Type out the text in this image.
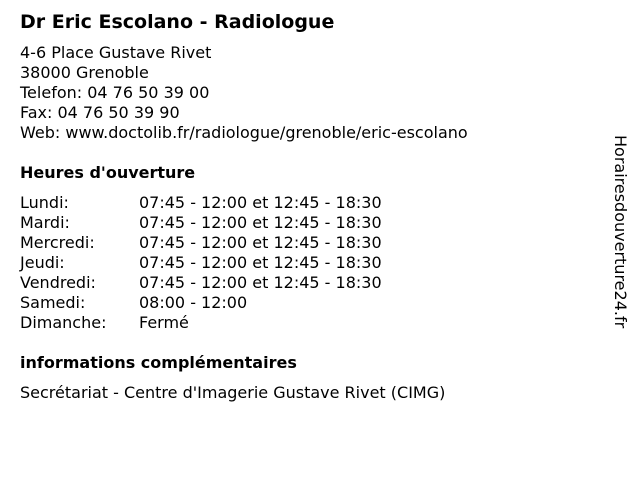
Dr Eric Escolano - Radiologue
4-6 Place Gustave Rivet
38000 Grenoble
Telefon: 04 76 50 39 00
Fax: 04 76 50 39 90
Web: www.doctolib.fr/radiologue/grenoble/eric-escolano
Heures d'ouverture
Lundi:	07:45 - 12:00 et 12:45 - 18:30
Mardi:	07:45 - 12:00 et 12:45 - 18:30
Mercredi:	07:45 - 12:00 et 12:45 - 18:30
Jeudi:	07:45 - 12:00 et 12:45 - 18:30
Vendredi:	07:45 - 12:00 et 12:45 - 18:30
Samedi:	08:00 - 12:00
Dimanche:	Fermé
informations complémentaires
Secrétariat - Centre d'Imagerie Gustave Rivet (CIMG)
Horairesdouverture24.fr
